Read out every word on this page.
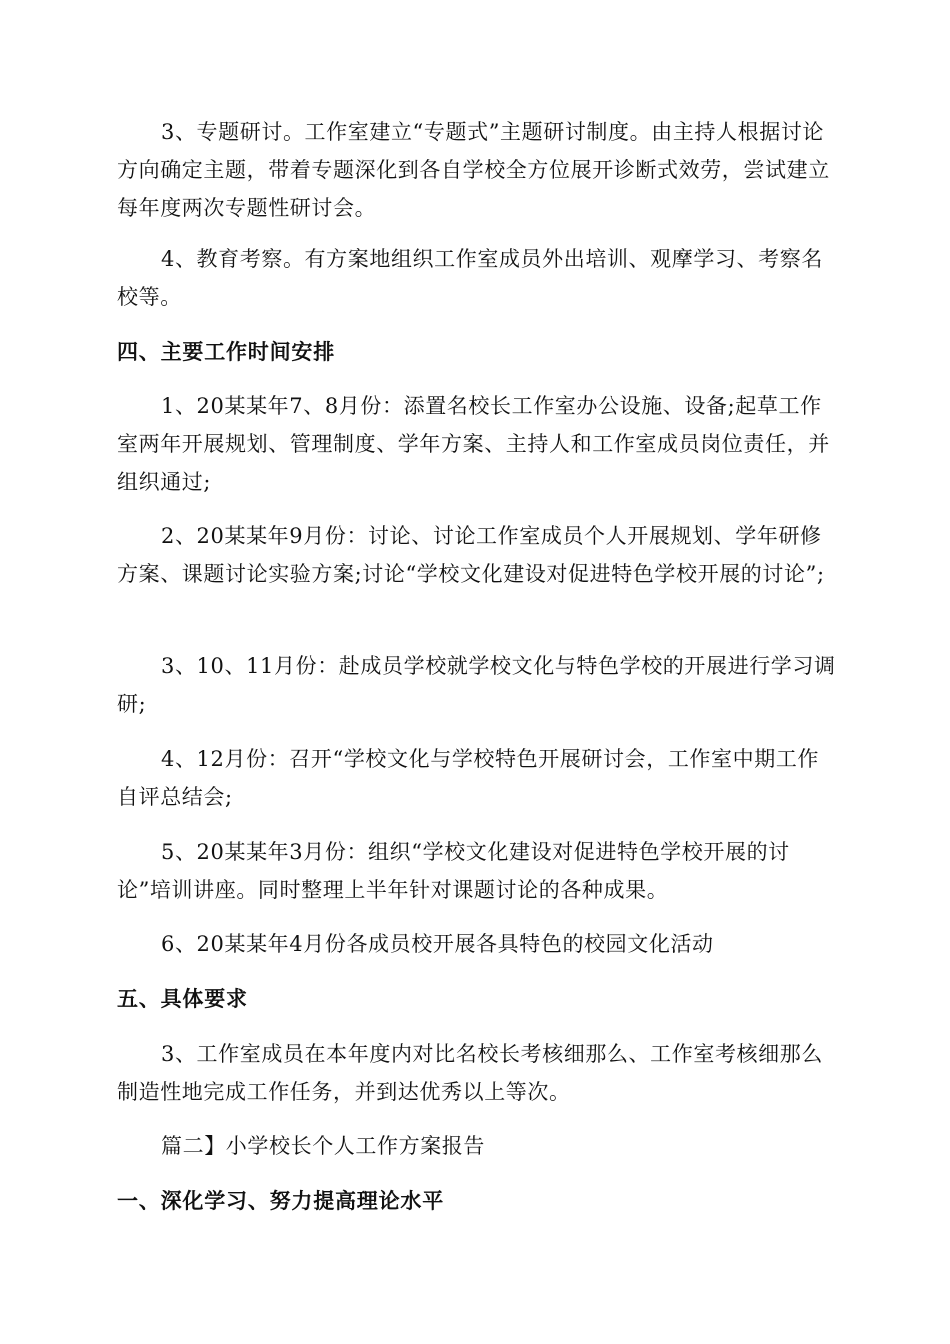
3、专题研讨。工作室建立“专题式”主题研讨制度。由主持人根据讨论方向确定主题，带着专题深化到各自学校全方位展开诊断式效劳，尝试建立每年度两次专题性研讨会。

4、教育考察。有方案地组织工作室成员外出培训、观摩学习、考察名校等。

四、主要工作时间安排

1、20某某年7、8月份：添置名校长工作室办公设施、设备;起草工作室两年开展规划、管理制度、学年方案、主持人和工作室成员岗位责任，并组织通过;

2、20某某年9月份：讨论、讨论工作室成员个人开展规划、学年研修方案、课题讨论实验方案;讨论“学校文化建设对促进特色学校开展的讨论”;

3、10、11月份：赴成员学校就学校文化与特色学校的开展进行学习调研;

4、12月份：召开“学校文化与学校特色开展研讨会，工作室中期工作自评总结会;

5、20某某年3月份：组织“学校文化建设对促进特色学校开展的讨论”培训讲座。同时整理上半年针对课题讨论的各种成果。

6、20某某年4月份各成员校开展各具特色的校园文化活动

五、具体要求

3、工作室成员在本年度内对比名校长考核细那么、工作室考核细那么制造性地完成工作任务，并到达优秀以上等次。

篇二】小学校长个人工作方案报告

一、深化学习、努力提高理论水平
